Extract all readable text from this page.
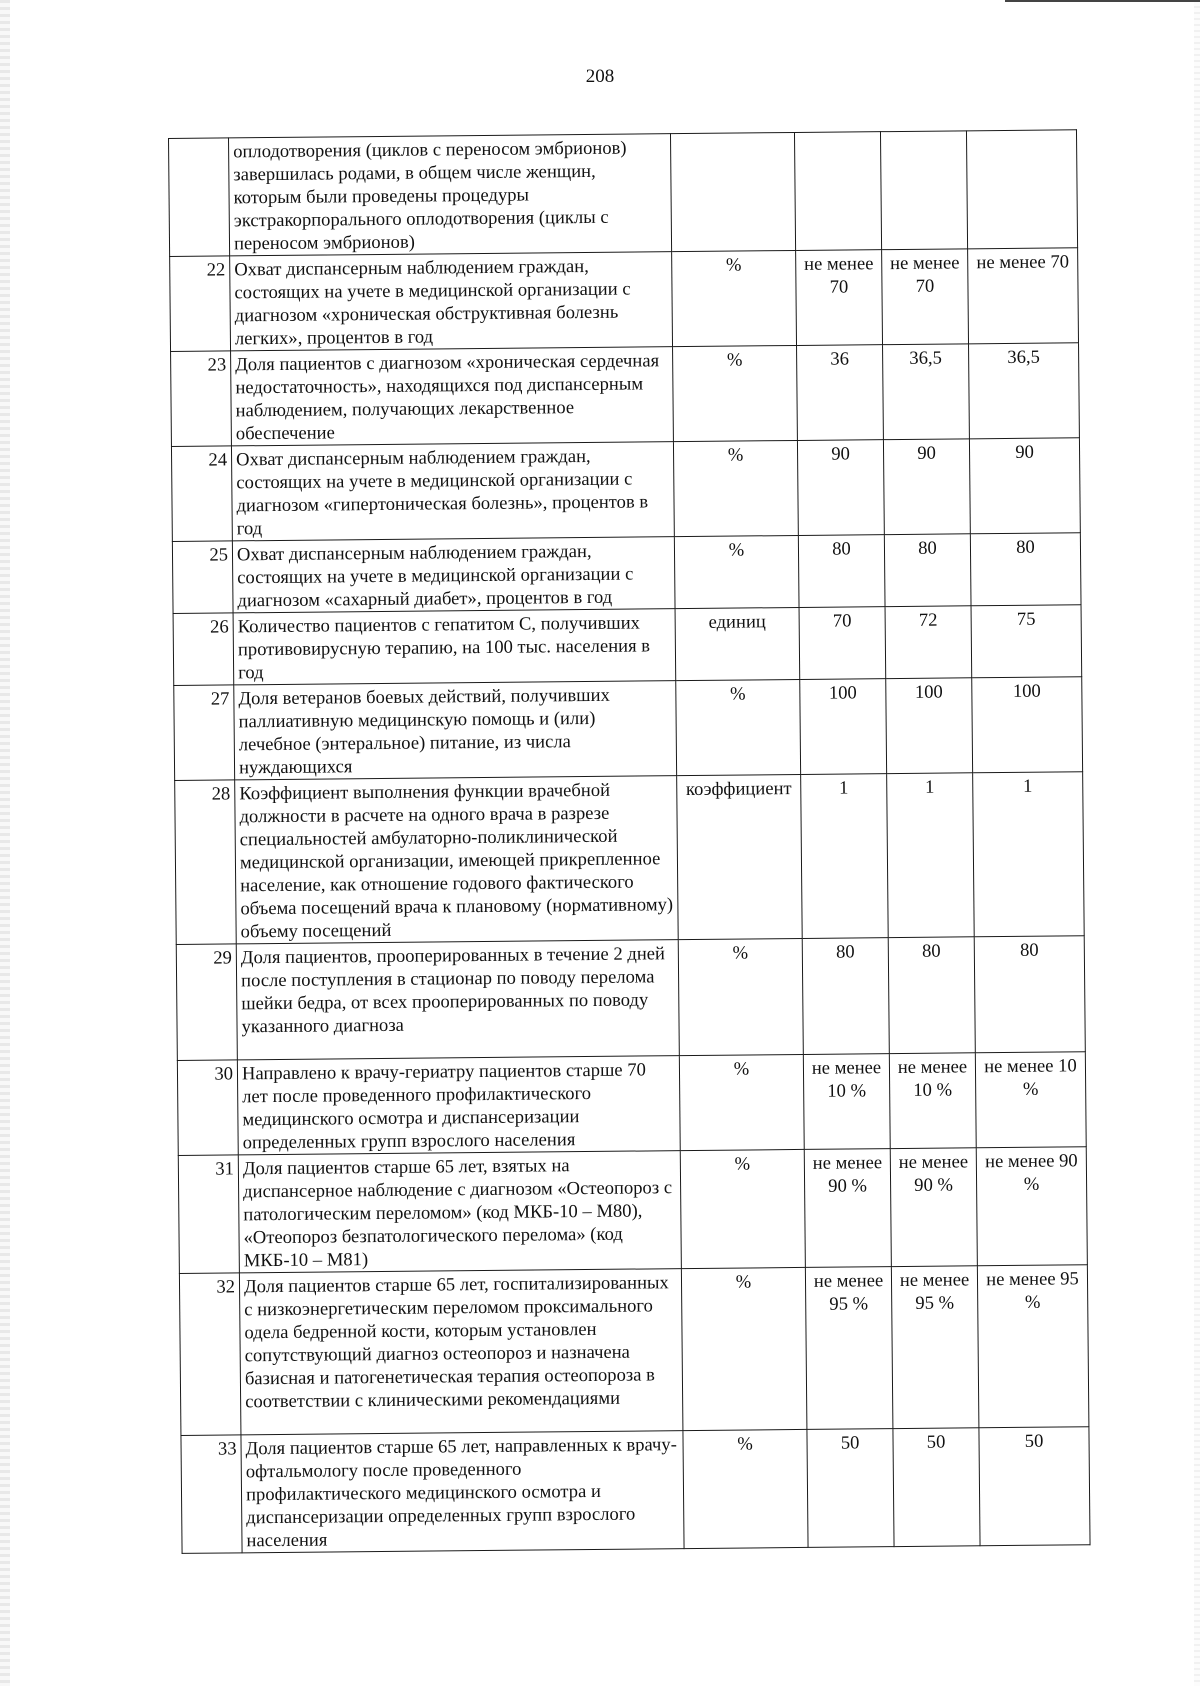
208
	оплодотворения (циклов с переносом эмбрионов) завершилась родами, в общем числе женщин, которым были проведены процедуры экстракорпорального оплодотворения (циклы с переносом эмбрионов)				
22	Охват диспансерным наблюдением граждан, состоящих на учете в медицинской организации с диагнозом «хроническая обструктивная болезнь легких», процентов в год	%	не менее 70	не менее 70	не менее 70
23	Доля пациентов с диагнозом «хроническая сердечная недостаточность», находящихся под диспансерным наблюдением, получающих лекарственное обеспечение	%	36	36,5	36,5
24	Охват диспансерным наблюдением граждан, состоящих на учете в медицинской организации с диагнозом «гипертоническая болезнь», процентов в год	%	90	90	90
25	Охват диспансерным наблюдением граждан, состоящих на учете в медицинской организации с диагнозом «сахарный диабет», процентов в год	%	80	80	80
26	Количество пациентов с гепатитом С, получивших противовирусную терапию, на 100 тыс. населения в год	единиц	70	72	75
27	Доля ветеранов боевых действий, получивших паллиативную медицинскую помощь и (или) лечебное (энтеральное) питание, из числа нуждающихся	%	100	100	100
28	Коэффициент выполнения функции врачебной должности в расчете на одного врача в разрезе специальностей амбулаторно-поликлинической медицинской организации, имеющей прикрепленное население, как отношение годового фактического объема посещений врача к плановому (нормативному) объему посещений	коэффициент	1	1	1
29	Доля пациентов, прооперированных в течение 2 дней после поступления в стационар по поводу перелома шейки бедра, от всех прооперированных по поводу указанного диагноза	%	80	80	80
30	Направлено к врачу-гериатру пациентов старше 70 лет после проведенного профилактического медицинского осмотра и диспансеризации определенных групп взрослого населения	%	не менее 10 %	не менее 10 %	не менее 10 %
31	Доля пациентов старше 65 лет, взятых на диспансерное наблюдение с диагнозом «Остеопороз с патологическим переломом» (код МКБ-10 – М80), «Отеопороз безпатологического перелома» (код МКБ-10 – М81)	%	не менее 90 %	не менее 90 %	не менее 90 %
32	Доля пациентов старше 65 лет, госпитализированных с низкоэнергетическим переломом проксимального одела бедренной кости, которым установлен сопутствующий диагноз остеопороз и назначена базисная и патогенетическая терапия остеопороза в соответствии с клиническими рекомендациями	%	не менее 95 %	не менее 95 %	не менее 95 %
33	Доля пациентов старше 65 лет, направленных к врачу-офтальмологу после проведенного профилактического медицинского осмотра и диспансеризации определенных групп взрослого населения	%	50	50	50
